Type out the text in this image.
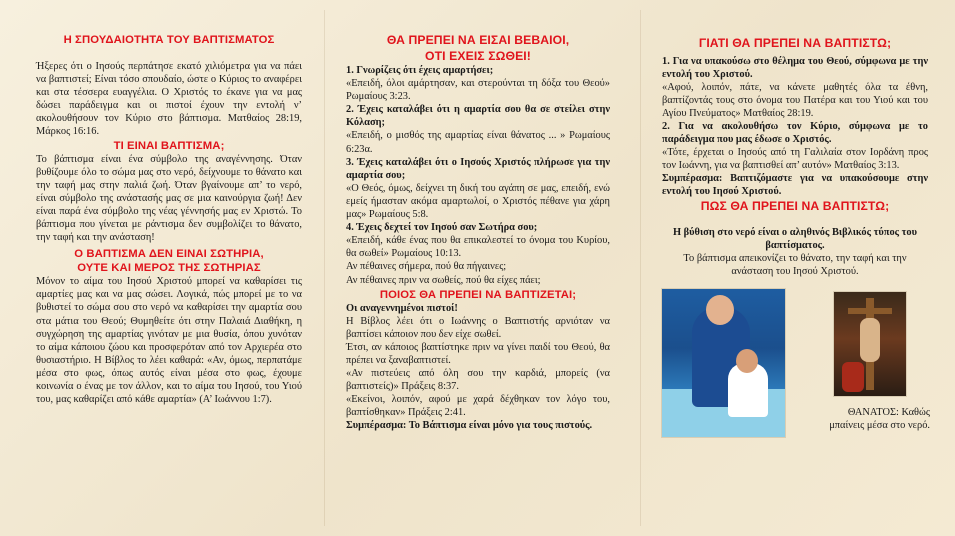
Η ΣΠΟΥΔΑΙΟΤΗΤΑ ΤΟΥ ΒΑΠΤΙΣΜΑΤΟΣ

Ήξερες ότι ο Ιησούς περπάτησε εκατό χιλιόμετρα για να πάει να βαπτιστεί; Είναι τόσο σπουδαίο, ώστε ο Κύριος το αναφέρει και στα τέσσερα ευαγγέλια. Ο Χριστός το έκανε για να μας δώσει παράδειγμα και οι πιστοί έχουν την εντολή ν’ ακολουθήσουν τον Κύριο στο βάπτισμα. Ματθαίος 28:19, Μάρκος 16:16.

ΤΙ ΕΙΝΑΙ ΒΑΠΤΙΣΜΑ;

Το βάπτισμα είναι ένα σύμβολο της αναγέννησης. Όταν βυθίζουμε όλο το σώμα μας στο νερό, δείχνουμε το θάνατο και την ταφή μας στην παλιά ζωή. Όταν βγαίνουμε απ’ το νερό, είναι σύμβολο της ανάστασής μας σε μια καινούργια ζωή! Δεν είναι παρά ένα σύμβολο της νέας γέννησής μας εν Χριστώ. Το βάπτισμα που γίνεται με ράντισμα δεν συμβολίζει το θάνατο, την ταφή και την ανάσταση!

Ο ΒΑΠΤΙΣΜΑ ΔΕΝ ΕΙΝΑΙ ΣΩΤΗΡΙΑ,
ΟΥΤΕ ΚΑΙ ΜΕΡΟΣ ΤΗΣ ΣΩΤΗΡΙΑΣ

Μόνον το αίμα του Ιησού Χριστού μπορεί να καθαρίσει τις αμαρτίες μας και να μας σώσει. Λογικά, πώς μπορεί με το να βυθιστεί το σώμα σου στο νερό να καθαρίσει την αμαρτία σου στα μάτια του Θεού; Θυμηθείτε ότι στην Παλαιά Διαθήκη, η συγχώρηση της αμαρτίας γινόταν με μια θυσία, όπου χυνόταν το αίμα κάποιου ζώου και προσφερόταν από τον Αρχιερέα στο θυσιαστήριο. Η Βίβλος το λέει καθαρά: «Αν, όμως, περπατάμε μέσα στο φως, όπως αυτός είναι μέσα στο φως, έχουμε κοινωνία ο ένας με τον άλλον, και το αίμα του Ιησού, του Υιού του, μας καθαρίζει από κάθε αμαρτία» (Α’ Ιωάννου 1:7).

ΘΑ ΠΡΕΠΕΙ ΝΑ ΕΙΣΑΙ ΒΕΒΑΙΟΙ,
ΟΤΙ ΕΧΕΙΣ ΣΩΘΕΙ!

1. Γνωρίζεις ότι έχεις αμαρτήσει;

«Επειδή, όλοι αμάρτησαν, και στερούνται τη δόξα του Θεού» Ρωμαίους 3:23.

2. Έχεις καταλάβει ότι η αμαρτία σου θα σε στείλει στην Κόλαση;

«Επειδή, ο μισθός της αμαρτίας είναι θάνατος ... » Ρωμαίους 6:23α.

3. Έχεις καταλάβει ότι ο Ιησούς Χριστός πλήρωσε για την αμαρτία σου;

«Ο Θεός, όμως, δείχνει τη δική του αγάπη σε μας, επειδή, ενώ εμείς ήμασταν ακόμα αμαρτωλοί, ο Χριστός πέθανε για χάρη μας» Ρωμαίους 5:8.

4. Έχεις δεχτεί τον Ιησού σαν Σωτήρα σου;

«Επειδή, κάθε ένας που θα επικαλεστεί το όνομα του Κυρίου, θα σωθεί» Ρωμαίους 10:13.

Αν πέθαινες σήμερα, πού θα πήγαινες;

Αν πέθαινες πριν να σωθείς, πού θα είχες πάει;

ΠΟΙΟΣ ΘΑ ΠΡΕΠΕΙ ΝΑ ΒΑΠΤΙΖΕΤΑΙ;

Οι αναγεννημένοι πιστοί!

Η Βίβλος λέει ότι ο Ιωάννης ο Βαπτιστής αρνιόταν να βαπτίσει κάποιον που δεν είχε σωθεί.

Έτσι, αν κάποιος βαπτίστηκε πριν να γίνει παιδί του Θεού, θα πρέπει να ξαναβαπτιστεί.

«Αν πιστεύεις από όλη σου την καρδιά, μπορείς (να βαπτιστείς)» Πράξεις 8:37.

«Εκείνοι, λοιπόν, αφού με χαρά δέχθηκαν τον λόγο του, βαπτίσθηκαν» Πράξεις 2:41.

Συμπέρασμα: Το Βάπτισμα είναι μόνο για τους πιστούς.

ΓΙΑΤΙ ΘΑ ΠΡΕΠΕΙ ΝΑ ΒΑΠΤΙΣΤΩ;

1. Για να υπακούσω στο θέλημα του Θεού, σύμφωνα με την εντολή του Χριστού.

«Αφού, λοιπόν, πάτε, να κάνετε μαθητές όλα τα έθνη, βαπτίζοντάς τους στο όνομα του Πατέρα και του Υιού και του Αγίου Πνεύματος» Ματθαίος 28:19.

2. Για να ακολουθήσω τον Κύριο, σύμφωνα με το παράδειγμα που μας έδωσε ο Χριστός.

«Τότε, έρχεται ο Ιησούς από τη Γαλιλαία στον Ιορδάνη προς τον Ιωάννη, για να βαπτισθεί απ’ αυτόν» Ματθαίος 3:13.

Συμπέρασμα: Βαπτιζόμαστε για να υπακούσουμε στην εντολή του Ιησού Χριστού.

ΠΩΣ ΘΑ ΠΡΕΠΕΙ ΝΑ ΒΑΠΤΙΣΤΩ;

Η βύθιση στο νερό είναι ο αληθινός Βιβλικός τύπος του βαπτίσματος.

Το βάπτισμα απεικονίζει το θάνατο, την ταφή και την ανάσταση του Ιησού Χριστού.

ΘΑΝΑΤΟΣ: Καθώς
μπαίνεις μέσα στο νερό.
